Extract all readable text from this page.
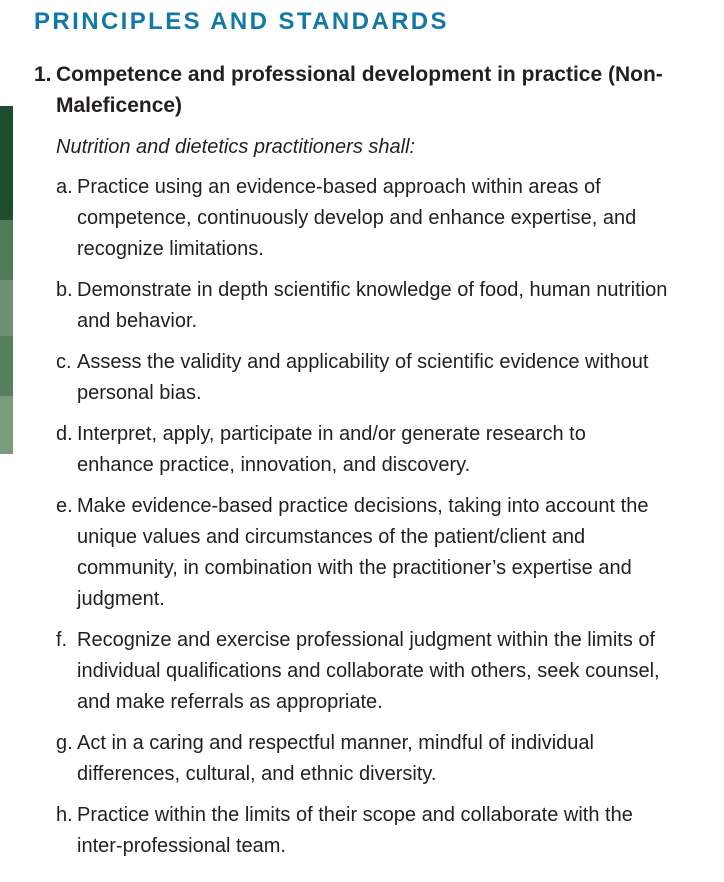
PRINCIPLES AND STANDARDS
1. Competence and professional development in practice (Non-Maleficence)

Nutrition and dietetics practitioners shall:

a. Practice using an evidence-based approach within areas of competence, continuously develop and enhance expertise, and recognize limitations.
b. Demonstrate in depth scientific knowledge of food, human nutrition and behavior.
c. Assess the validity and applicability of scientific evidence without personal bias.
d. Interpret, apply, participate in and/or generate research to enhance practice, innovation, and discovery.
e. Make evidence-based practice decisions, taking into account the unique values and circumstances of the patient/client and community, in combination with the practitioner’s expertise and judgment.
f. Recognize and exercise professional judgment within the limits of individual qualifications and collaborate with others, seek counsel, and make referrals as appropriate.
g. Act in a caring and respectful manner, mindful of individual differences, cultural, and ethnic diversity.
h. Practice within the limits of their scope and collaborate with the inter-professional team.
